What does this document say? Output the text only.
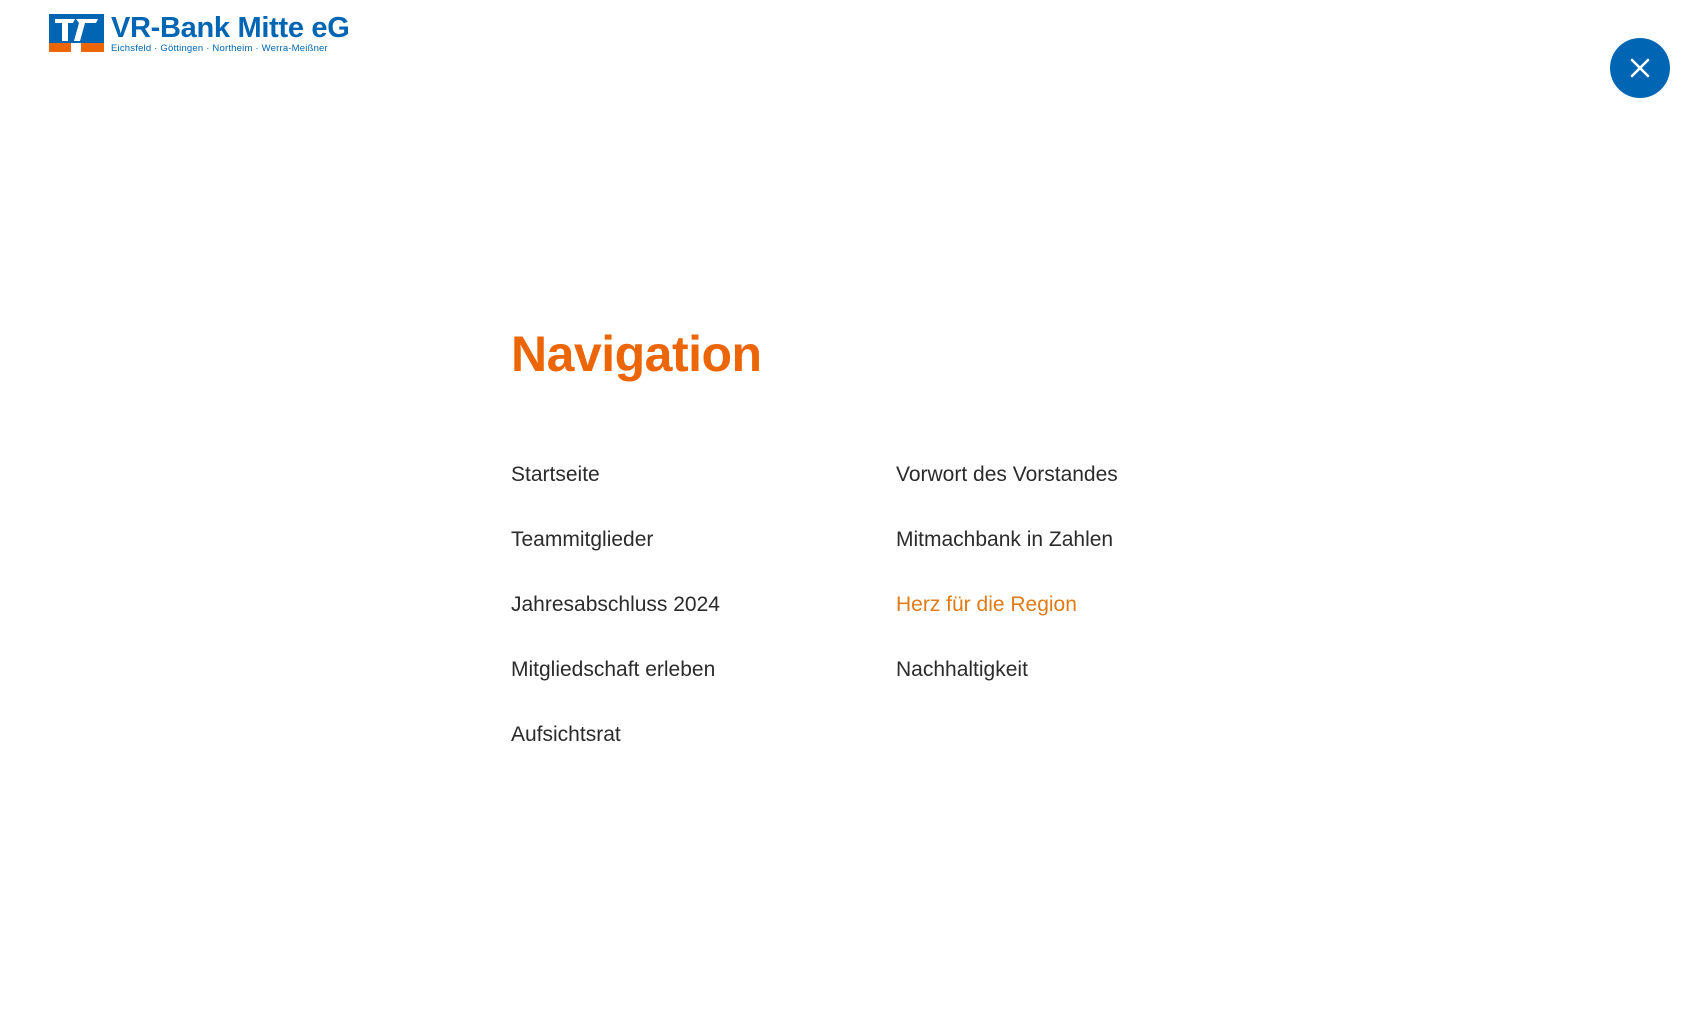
VR-Bank Mitte eG
Eichsfeld · Göttingen · Northeim · Werra-Meißner
Navigation
Startseite
Teammitglieder
Jahresabschluss 2024
Mitgliedschaft erleben
Aufsichtsrat
Vorwort des Vorstandes
Mitmachbank in Zahlen
Herz für die Region
Nachhaltigkeit
